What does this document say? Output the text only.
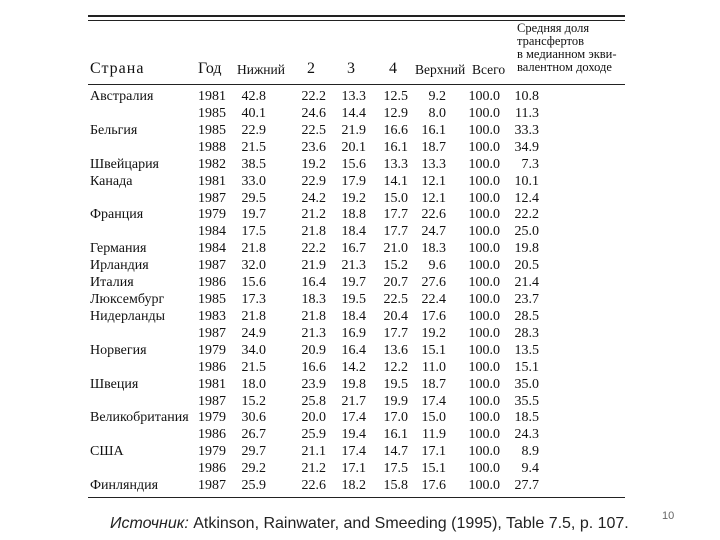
Страна	Год Нижний 2 3 4 Верхний Всего
Средняя доля
трансфертов
в медианном экви-
валентном доходе
Австралия	1981	42.8	22.2	13.3	12.5	9.2	100.0	10.8
1985	40.1	24.6	14.4	12.9	8.0	100.0	11.3
Бельгия	1985	22.9	22.5	21.9	16.6 16.1	100.0	33.3
1988	21.5	23.6	20.1	16.1 18.7	100.0	34.9
Швейцария	1982	38.5	19.2	15.6	13.3 13.3	100.0	7.3
Канада	1981	33.0	22.9	17.9	14.1 12.1	100.0	10.1
1987	29.5	24.2	19.2	15.0 12.1	100.0	12.4
Франция	1979	19.7	21.2	18.8	17.7 22.6	100.0	22.2
1984	17.5	21.8	18.4	17.7 24.7	100.0	25.0
Германия	1984	21.8	22.2	16.7	21.0 18.3	100.0	19.8
Ирландия	1987	32.0	21.9	21.3	15.2	9.6	100.0	20.5
Италия	1986	15.6	16.4	19.7	20.7 27.6	100.0	21.4
Люксембург 1985	17.3	18.3	19.5	22.5 22.4	100.0	23.7
Нидерланды 1983	21.8	21.8	18.4	20.4 17.6	100.0	28.5
1987	24.9	21.3	16.9	17.7 19.2	100.0	28.3
Норвегия	1979	34.0	20.9	16.4	13.6 15.1	100.0	13.5
1986	21.5	16.6	14.2	12.2	11.0	100.0	15.1
Швеция	1981	18.0	23.9	19.8	19.5 18.7	100.0	35.0
1987	15.2	25.8	21.7	19.9 17.4	100.0	35.5
Великобритания 1979	30.6	20.0	17.4	17.0 15.0	100.0	18.5
1986	26.7	25.9	19.4	16.1	11.9	100.0	24.3
США	1979	29.7	21.1	17.4	14.7 17.1	100.0	8.9
1986	29.2	21.2	17.1	17.5 15.1	100.0	9.4
Финляндия	1987	25.9	22.6	18.2	15.8 17.6	100.0	27.7
Источник: Atkinson, Rainwater, and Smeeding (1995), Table 7.5, p. 107.	10
